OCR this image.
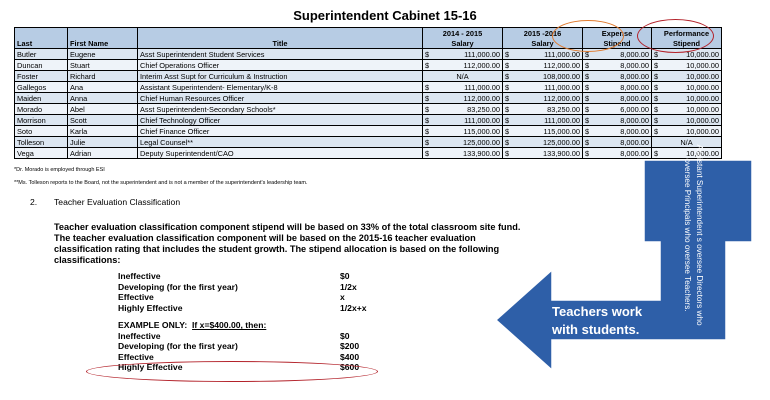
Superintendent Cabinet 15-16
Last	First Name	Title	2014 - 2015	2015 -2016	Expense	Performance
			Salary	Salary	Stipend	Stipend
Butler	Eugene	Asst Superintendent Student Services	$ 111,000.00	$ 111,000.00	$ 8,000.00	$ 10,000.00

Duncan	Stuart	Chief Operations Officer	$ 112,000.00	$ 112,000.00	$ 8,000.00	$ 10,000.00

Foster	Richard	Interim Asst Supt for Curriculum & Instruction	N/A	$ 108,000.00	$ 8,000.00	$ 10,000.00

Gallegos	Ana	Assistant Superintendent- Elementary/K-8	$ 111,000.00	$ 111,000.00	$ 8,000.00	$ 10,000.00

Maiden	Anna	Chief Human Resources Officer	$ 112,000.00	$ 112,000.00	$ 8,000.00	$ 10,000.00

Morado	Abel	Asst Superintendent-Secondary Schools*	$ 83,250.00	$ 83,250.00	$ 6,000.00	$ 10,000.00

Morrison	Scott	Chief Technology Officer	$ 111,000.00	$ 111,000.00	$ 8,000.00	$ 10,000.00

Soto	Karla	Chief Finance Officer	$ 115,000.00	$ 115,000.00	$ 8,000.00	$ 10,000.00

Tolleson	Julie	Legal Counsel**	$ 125,000.00	$ 125,000.00	$ 8,000.00	N/A
Vega	Adrian	Deputy Superintendent/CAO	$ 133,900.00	$ 133,900.00	$ 8,000.00	$ 10,000.00
*Dr. Morado is employed through ESI
**Ms. Tolleson reports to the Board, not the superintendent and is not a member of the superintendent's leadership team.
2. Teacher Evaluation Classification
Teacher evaluation classification component stipend will be based on 33% of the total classroom site fund. The teacher evaluation classification component will be based on the 2015-16 teacher evaluation classification rating that includes the student growth. The stipend allocation is based on the following classifications:
Ineffective	$0
Developing (for the first year)	1/2x
Effective	x
Highly Effective	1/2x+x
EXAMPLE ONLY:
If x=$400.00, then:
Ineffective	$0
Developing (for the first year)	$200
Effective	$400
Highly Effective	$600
Teachers work
with students.
Assistant Superintendent s oversee Directors who oversee Principals who oversee Teachers.
